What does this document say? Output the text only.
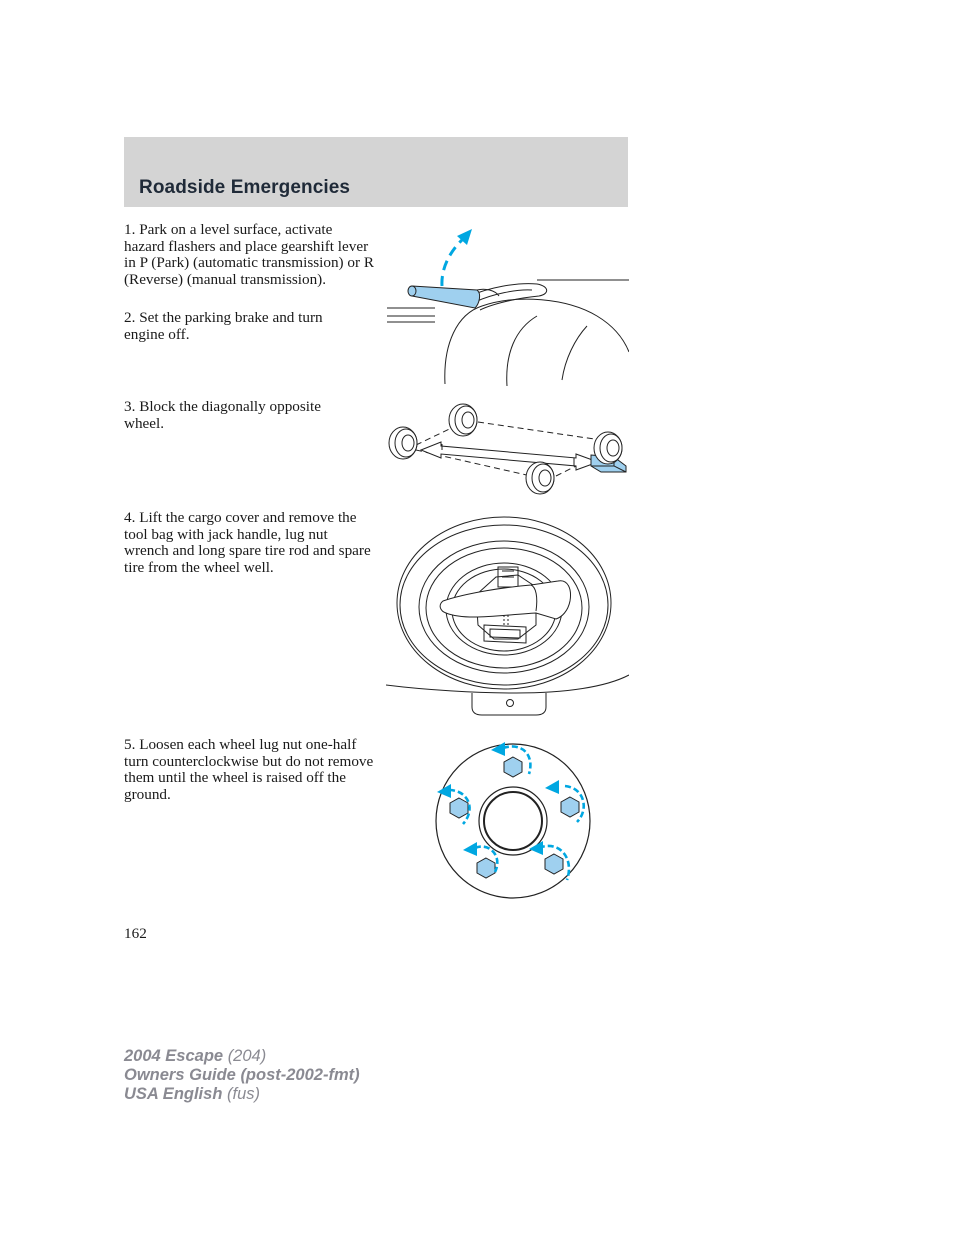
Roadside Emergencies

1. Park on a level surface, activate hazard flashers and place gearshift lever in P (Park) (automatic transmission) or R (Reverse) (manual transmission).

2. Set the parking brake and turn engine off.

3. Block the diagonally opposite wheel.

4. Lift the cargo cover and remove the tool bag with jack handle, lug nut wrench and long spare tire rod and spare tire from the wheel well.

5. Loosen each wheel lug nut one-half turn counterclockwise but do not remove them until the wheel is raised off the ground.

162

2004 Escape (204)
Owners Guide (post-2002-fmt)
USA English (fus)
